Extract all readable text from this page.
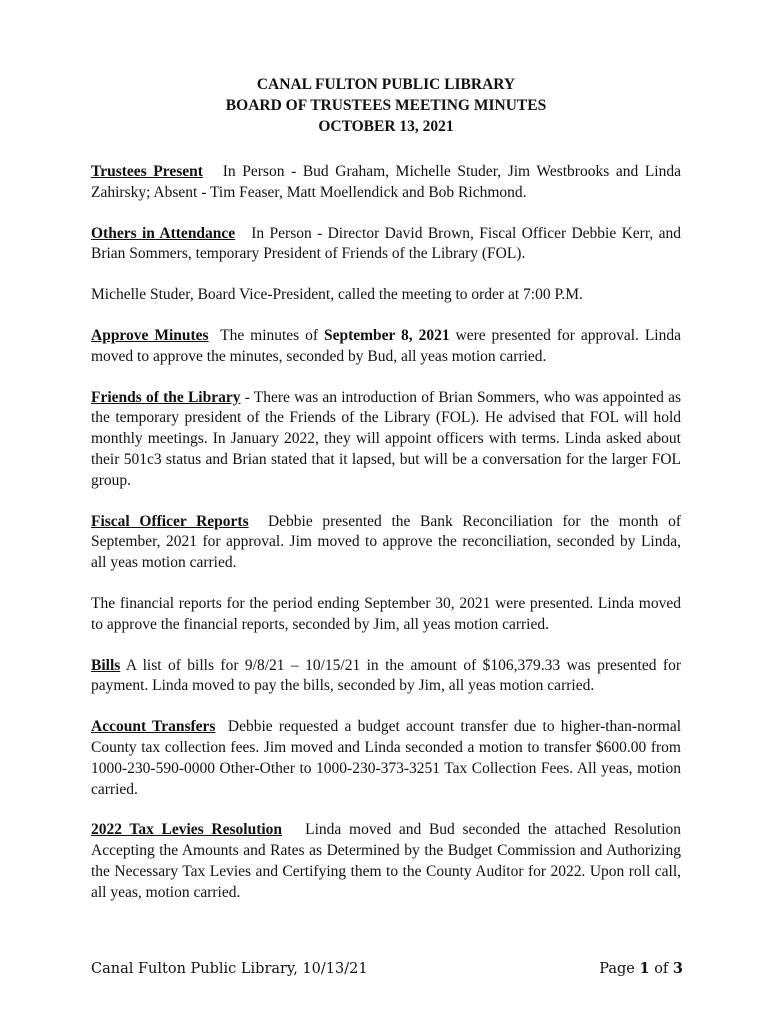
CANAL FULTON PUBLIC LIBRARY

BOARD OF TRUSTEES MEETING MINUTES

OCTOBER 13, 2021

Trustees Present In Person - Bud Graham, Michelle Studer, Jim Westbrooks and Linda Zahirsky; Absent - Tim Feaser, Matt Moellendick and Bob Richmond.

Others in Attendance In Person - Director David Brown, Fiscal Officer Debbie Kerr, and Brian Sommers, temporary President of Friends of the Library (FOL).

Michelle Studer, Board Vice-President, called the meeting to order at 7:00 P.M.

Approve Minutes The minutes of September 8, 2021 were presented for approval. Linda moved to approve the minutes, seconded by Bud, all yeas motion carried.

Friends of the Library - There was an introduction of Brian Sommers, who was appointed as the temporary president of the Friends of the Library (FOL). He advised that FOL will hold monthly meetings. In January 2022, they will appoint officers with terms. Linda asked about their 501c3 status and Brian stated that it lapsed, but will be a conversation for the larger FOL group.

Fiscal Officer Reports Debbie presented the Bank Reconciliation for the month of September, 2021 for approval. Jim moved to approve the reconciliation, seconded by Linda, all yeas motion carried.

The financial reports for the period ending September 30, 2021 were presented. Linda moved to approve the financial reports, seconded by Jim, all yeas motion carried.

Bills A list of bills for 9/8/21 – 10/15/21 in the amount of $106,379.33 was presented for payment. Linda moved to pay the bills, seconded by Jim, all yeas motion carried.

Account Transfers Debbie requested a budget account transfer due to higher-than-normal County tax collection fees. Jim moved and Linda seconded a motion to transfer $600.00 from 1000-230-590-0000 Other-Other to 1000-230-373-3251 Tax Collection Fees. All yeas, motion carried.

2022 Tax Levies Resolution Linda moved and Bud seconded the attached Resolution Accepting the Amounts and Rates as Determined by the Budget Commission and Authorizing the Necessary Tax Levies and Certifying them to the County Auditor for 2022. Upon roll call, all yeas, motion carried.

Canal Fulton Public Library, 10/13/21	Page 1 of 3
